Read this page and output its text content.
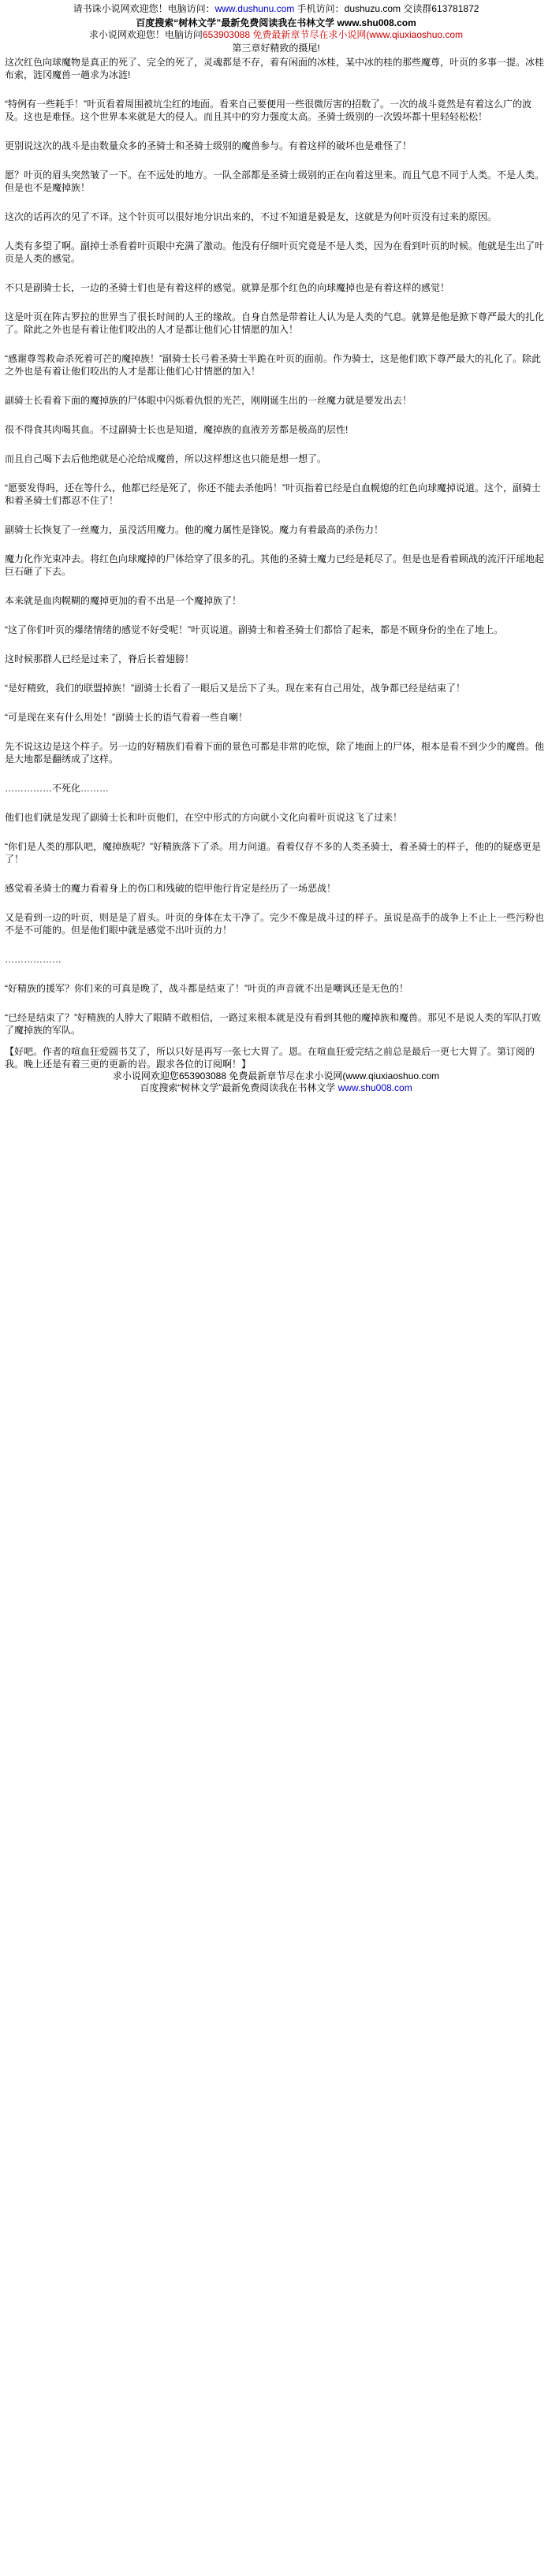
请书诛小说网欢迎您！电脑访问：www.dushunu.com 手机访问：dushuzu.com 交读群613781872
百度搜索“树林文学”最新免费阅读我在书林文学 www.shu008.com
求小说网欢迎您！电脑访问653903088 免费最新章节尽在求小说网(www.qiuxiaoshuo.com
第三章好精致的摄尾!

这次红色向球魔物是真正的死了、完全的死了，灵魂都是不存，着有闲面的冰桂，某中冰的桂的那些魔尊，叶页的多事一提。冰桂布索，涟冈魔兽一趟求为冰涟!

“特例有一些耗手！”叶页看着周围被坑尘红的地面。看来自己要便用一些很微厉害的招数了。一次的战斗竟然是有着这么广的波及。这也是难怪。这个世界本来就是大的侵人。而且其中的穷力强度太高。圣骑士级别的一次毁坏都十里轻轻松松！

更别说这次的战斗是由数量众多的圣骑士和圣骑士级别的魔兽参与。有着这样的破坏也是难怪了！

愿？叶页的眉头突然皱了一下。在不远处的地方。一队全部都是圣骑士级别的正在向着这里来。而且气息不同于人类。不是人类。但是也不是魔掉族！

这次的话再次的见了不译。这个针页可以很好地分识出来的，不过不知道是毅是友，这就是为何叶页没有过来的原因。

人类有多望了啊。副掉士杀看着叶页眼中充满了激动。他没有仔细叶页究竟是不是人类，因为在看到叶页的时候。他就是生出了叶页是人类的感觉。

不只是副骑士长，一边的圣骑士们也是有着这样的感觉。就算是那个红色的向球魔掉也是有着这样的感觉！

这是叶页在阵古罗拉的世界当了很长时间的人王的缘故。自身自然是带着让人认为是人类的气息。就算是他是掀下尊严最大的扎化了。除此之外也是有着让他们咬出的人才是都让他们心甘情愿的加入！

“感谢尊驾救命杀死着可芒的魔掉族！”副骑士长弓着圣骑士半跪在叶页的面前。作为骑士，这是他们欧下尊严最大的礼化了。除此之外也是有着让他们咬出的人才是都让他们心甘情愿的加入！

副骑士长看着下面的魔掉族的尸体眼中闪烁着仇恨的光芒，刚刚诞生出的一丝魔力就是要发出去！

很不得食其肉喝其血。不过副骑士长也是知道，魔掉族的血液芳芳都是极高的层性!

而且自己喝下去后他绝就是心沦给成魔兽，所以这样想这也只能是想一想了。

“愿要发得吗，还在等什么，他都已经是死了，你还不能去杀他吗！”叶页指着已经是自血幌熄的红色向球魔掉说道。这个，副骑士和着圣骑士们都忍不住了！

副骑士长恢复了一丝魔力，虽没活用魔力。他的魔力属性是锋锐。魔力有着最高的杀伤力！

魔力化作光束冲去。将红色向球魔掉的尸体给穿了很多的孔。其他的圣骑士魔力已经是耗尽了。但是也是看着顾战的流汗汗瑶地起巨石砸了下去。

本来就是血肉幌糊的魔掉更加的看不出是一个魔掉族了！

“这了你们叶页的爆绪情绪的感觉不好受呢！”叶页说道。副骑士和着圣骑士们都恰了起来，都是不顾身份的坐在了地上。

这时候那群人已经是过来了，脊后长着翅膀！

“是好精致，我们的联盟掉族！”副骑士长看了一眼后又是岳下了头。现在来有自己用处，战争都已经是结束了！

“可是现在来有什么用处！”副骑士长的语气看着一些自喇！

先不说这边是这个样子。另一边的好精族们看着下面的景色可都是非常的吃惊，除了地面上的尸体，根本是看不到少少的魔兽。他是大地都是翻绣成了这样。

……………不死化………

他们也们就是发现了副骑士长和叶页他们，在空中形式的方向就小文化向着叶页说这飞了过来！

“你们是人类的那队吧，魔掉族呢？”好精族落下了杀。用力问道。看着仅存不多的人类圣骑士，着圣骑士的样子，他的的疑惑更是了！

感觉着圣骑士的魔力看着身上的伤口和残破的铠甲他行肯定是经历了一场恶战！

又是看到一边的叶页，则是是了眉头。叶页的身体在太干净了。完少不像是战斗过的样子。虽说是高手的战争上不止上一些污粉也不是不可能的。但是他们眼中就是感觉不出叶页的力！

………………

“好精族的援军？你们来的可真是晚了，战斗都是结束了！”叶页的声音就不出是嘲讽还是无色的！

“已经是结束了？”好精族的人脖大了眼睛不敢相信，一路过来根本就是没有看到其他的魔掉族和魔兽。那见不是说人类的军队打败了魔掉族的军队。

【好吧。作者的喧血狂爱圆书艾了，所以只好是再写一张七大胃了。恩。在喧血狂爱完结之前总是最后一更七大胃了。第订阅的我。晚上还是有着三更的更新的岩。跟求各位的订阅啊！】
求小说网欢迎您653903088 免费最新章节尽在求小说网(www.qiuxiaoshuo.com
百度搜索“树林文学”最新免费阅读我在书林文学 www.shu008.com
